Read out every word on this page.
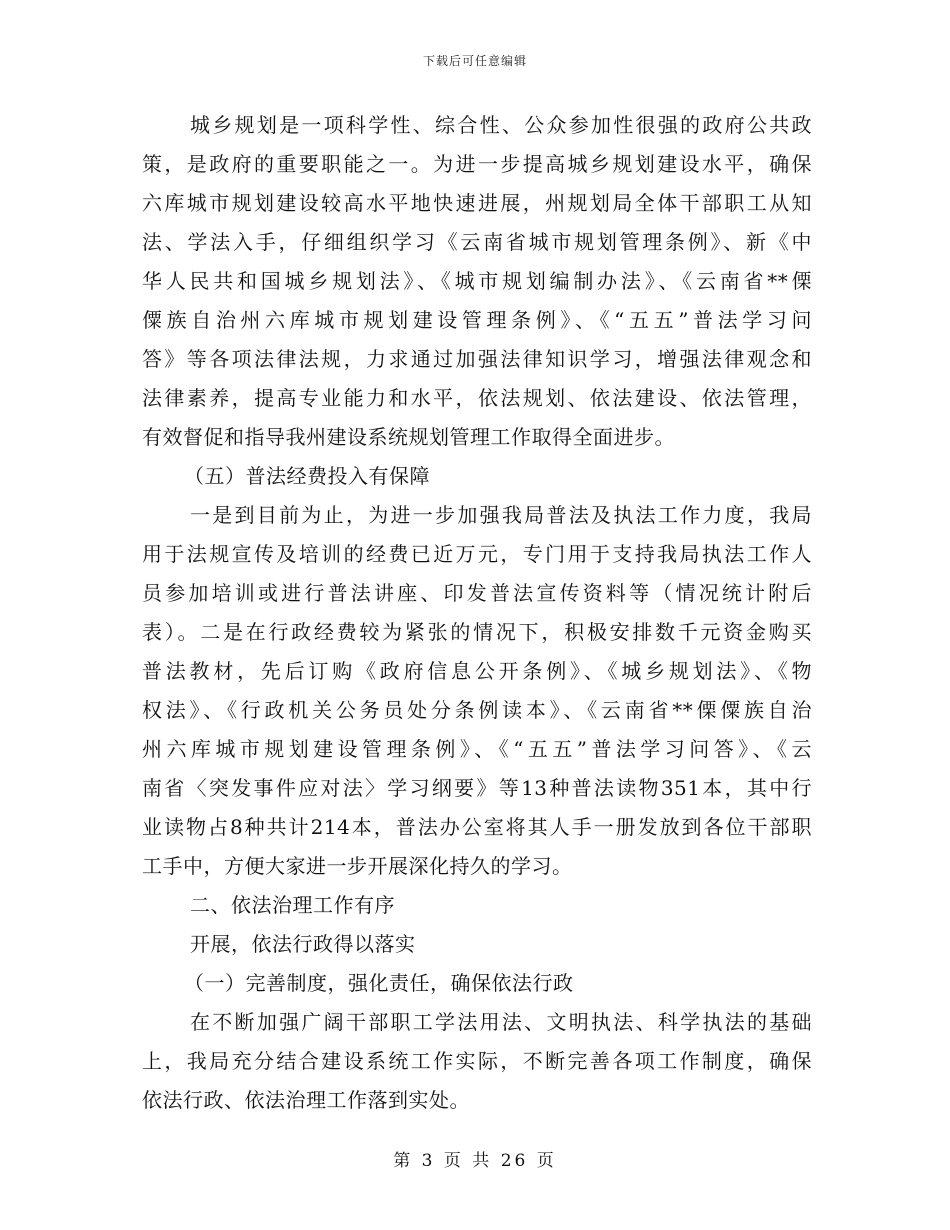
下载后可任意编辑
城乡规划是一项科学性、综合性、公众参加性很强的政府公共政
策，是政府的重要职能之一。为进一步提高城乡规划建设水平，确保
六库城市规划建设较高水平地快速进展，州规划局全体干部职工从知
法、学法入手，仔细组织学习《云南省城市规划管理条例》、新《中
华人民共和国城乡规划法》、《城市规划编制办法》、《云南省**傈
僳族自治州六库城市规划建设管理条例》、《“五五”普法学习问
答》等各项法律法规，力求通过加强法律知识学习，增强法律观念和
法律素养，提高专业能力和水平，依法规划、依法建设、依法管理，
有效督促和指导我州建设系统规划管理工作取得全面进步。
（五）普法经费投入有保障
一是到目前为止，为进一步加强我局普法及执法工作力度，我局
用于法规宣传及培训的经费已近万元，专门用于支持我局执法工作人
员参加培训或进行普法讲座、印发普法宣传资料等（情况统计附后
表）。二是在行政经费较为紧张的情况下，积极安排数千元资金购买
普法教材，先后订购《政府信息公开条例》、《城乡规划法》、《物
权法》、《行政机关公务员处分条例读本》、《云南省**傈僳族自治
州六库城市规划建设管理条例》、《“五五”普法学习问答》、《云
南省〈突发事件应对法〉学习纲要》等13种普法读物351本，其中行
业读物占8种共计214本，普法办公室将其人手一册发放到各位干部职
工手中，方便大家进一步开展深化持久的学习。
二、依法治理工作有序
开展，依法行政得以落实
（一）完善制度，强化责任，确保依法行政
在不断加强广阔干部职工学法用法、文明执法、科学执法的基础
上，我局充分结合建设系统工作实际，不断完善各项工作制度，确保
依法行政、依法治理工作落到实处。
第 3 页 共 26 页
